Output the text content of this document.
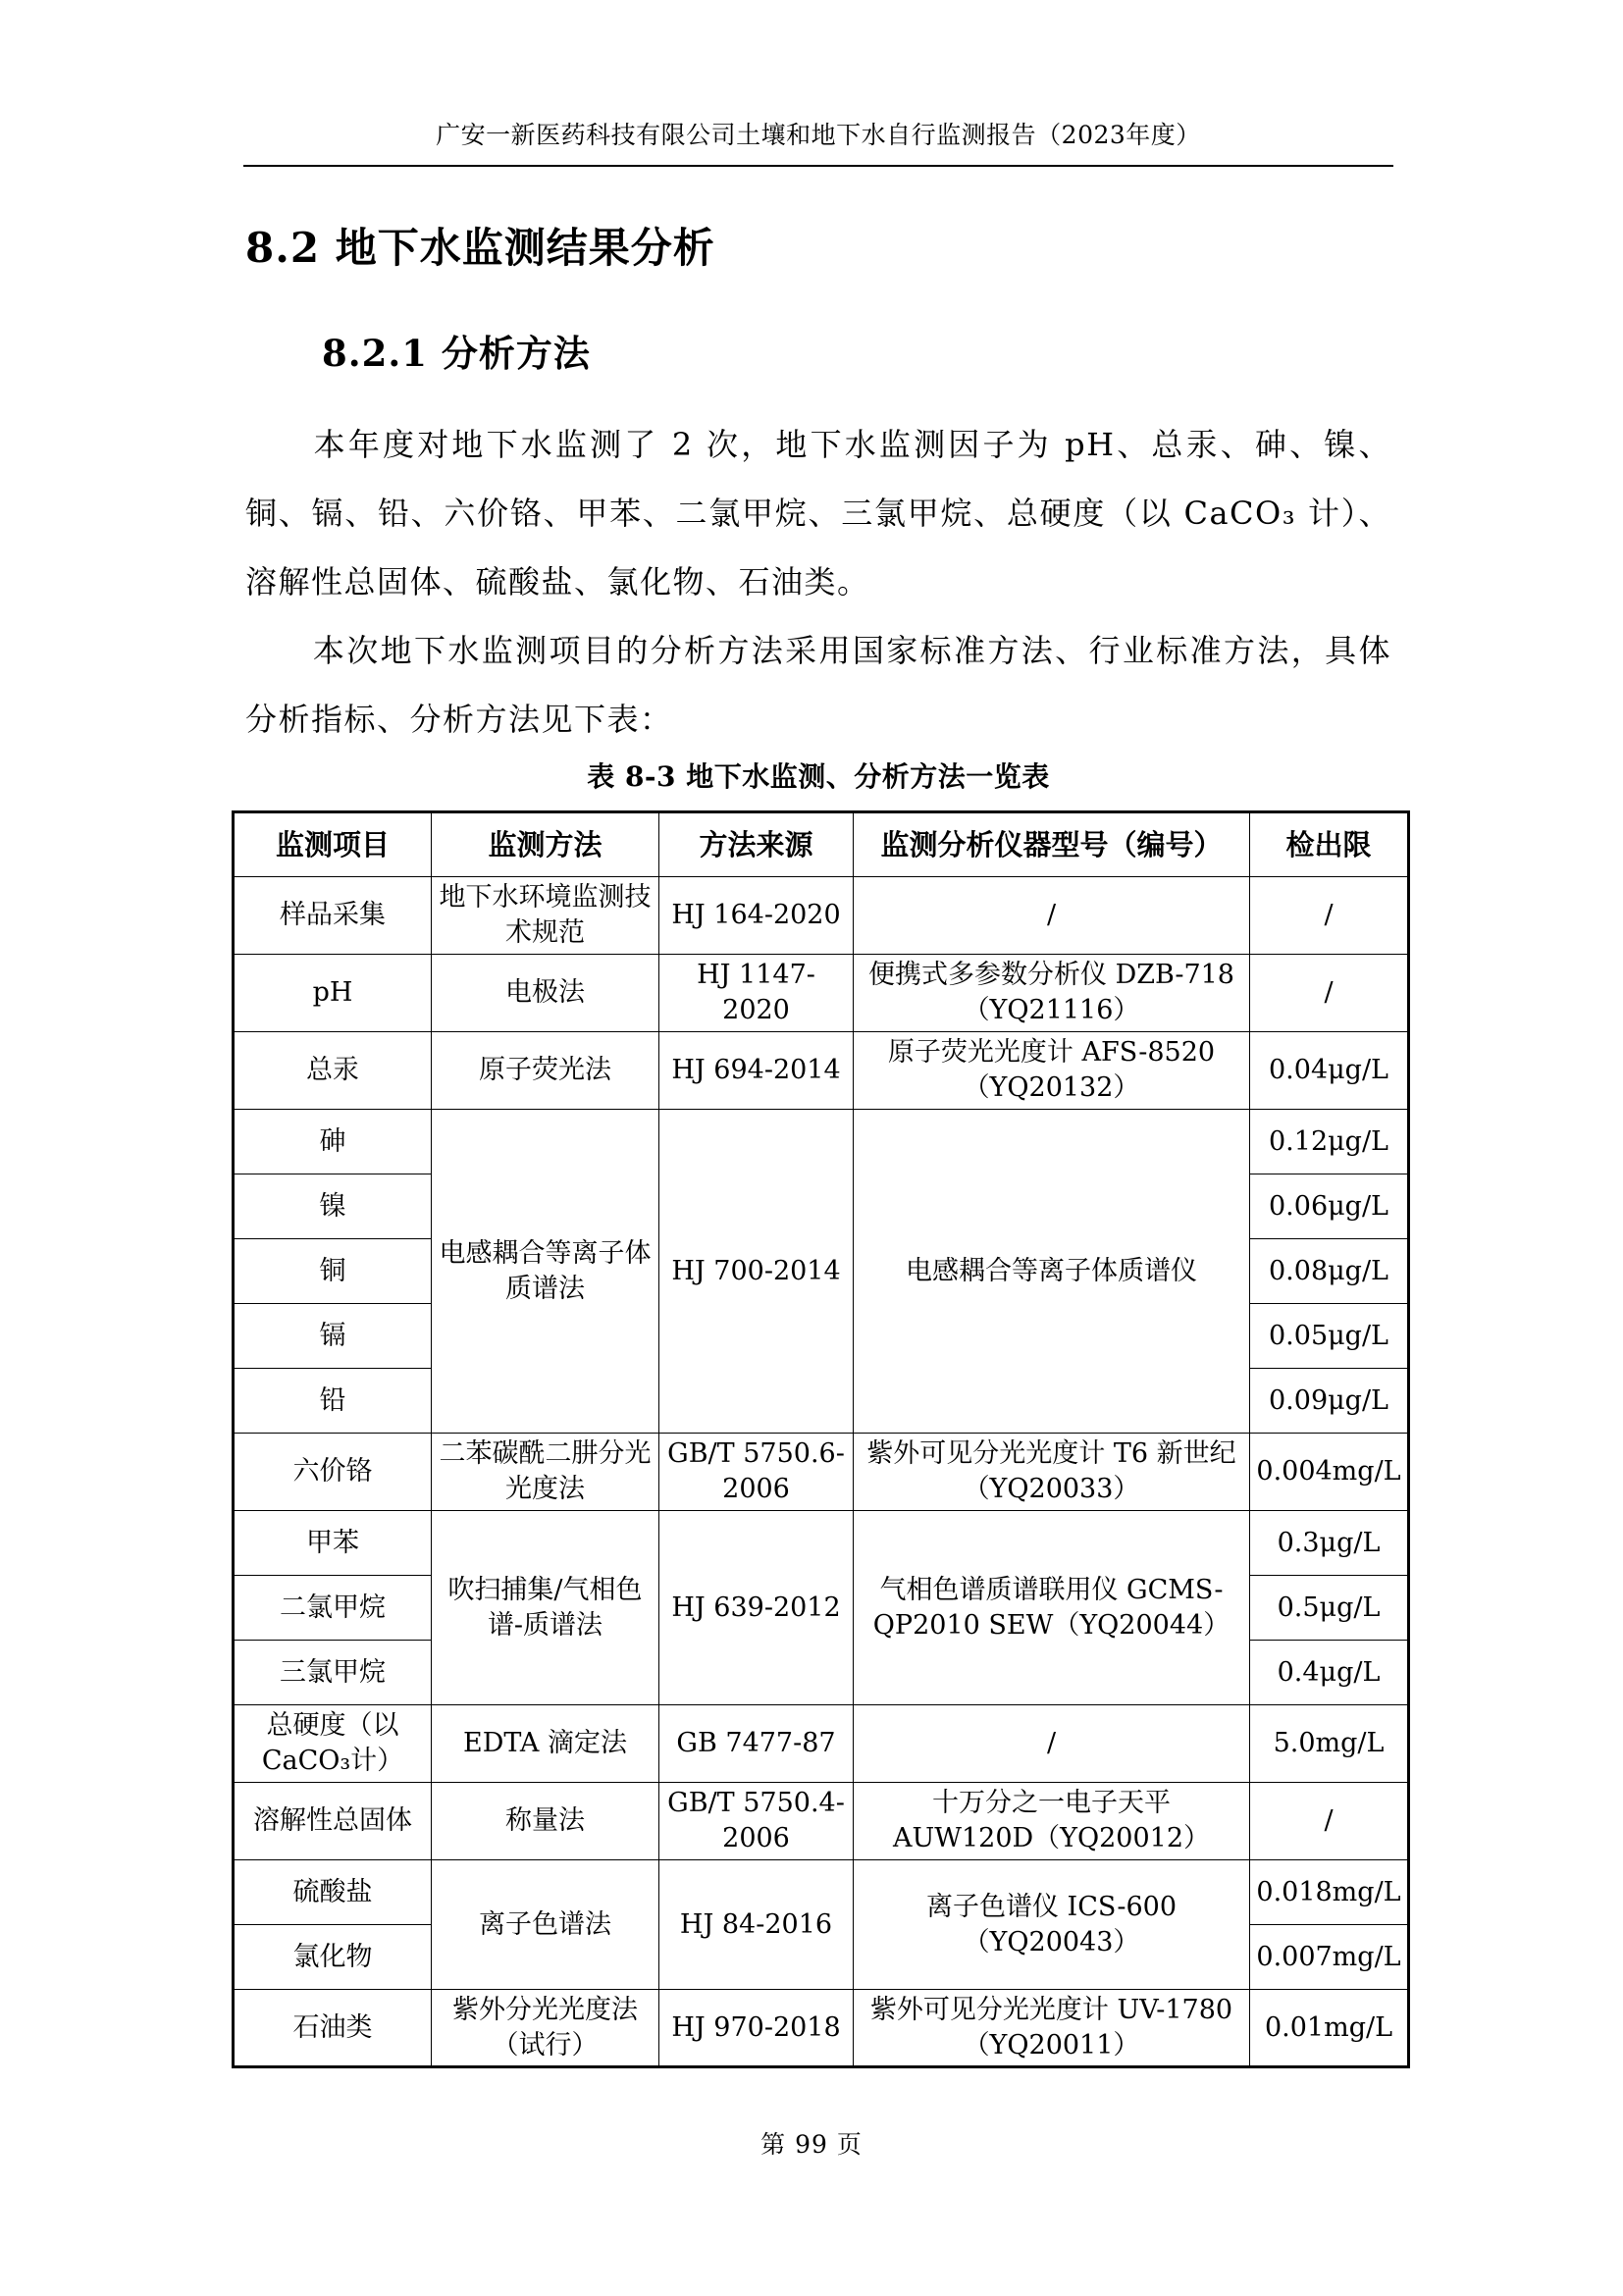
广安一新医药科技有限公司土壤和地下水自行监测报告（2023年度）
8.2 地下水监测结果分析
8.2.1 分析方法
本年度对地下水监测了 2 次，地下水监测因子为 pH、总汞、砷、镍、铜、镉、铅、六价铬、甲苯、二氯甲烷、三氯甲烷、总硬度（以 CaCO₃ 计）、溶解性总固体、硫酸盐、氯化物、石油类。
本次地下水监测项目的分析方法采用国家标准方法、行业标准方法，具体分析指标、分析方法见下表：
表 8-3 地下水监测、分析方法一览表
监测项目	监测方法	方法来源	监测分析仪器型号（编号）	检出限
样品采集	地下水环境监测技术规范	HJ 164-2020	/	/
pH	电极法	HJ 1147-2020	便携式多参数分析仪 DZB-718（YQ21116）	/
总汞	原子荧光法	HJ 694-2014	原子荧光光度计 AFS-8520（YQ20132）	0.04μg/L
砷	电感耦合等离子体质谱法	HJ 700-2014	电感耦合等离子体质谱仪	0.12μg/L
镍				0.06μg/L
铜				0.08μg/L
镉				0.05μg/L
铅				0.09μg/L
六价铬	二苯碳酰二肼分光光度法	GB/T 5750.6-2006	紫外可见分光光度计 T6 新世纪（YQ20033）	0.004mg/L
甲苯	吹扫捕集/气相色谱-质谱法	HJ 639-2012	气相色谱质谱联用仪 GCMS-QP2010 SEW（YQ20044）	0.3μg/L
二氯甲烷				0.5μg/L
三氯甲烷				0.4μg/L
总硬度（以CaCO₃计）	EDTA 滴定法	GB 7477-87	/	5.0mg/L
溶解性总固体	称量法	GB/T 5750.4-2006	十万分之一电子天平 AUW120D（YQ20012）	/
硫酸盐	离子色谱法	HJ 84-2016	离子色谱仪 ICS-600（YQ20043）	0.018mg/L
氯化物				0.007mg/L
石油类	紫外分光光度法（试行）	HJ 970-2018	紫外可见分光光度计 UV-1780（YQ20011）	0.01mg/L
第 99 页
